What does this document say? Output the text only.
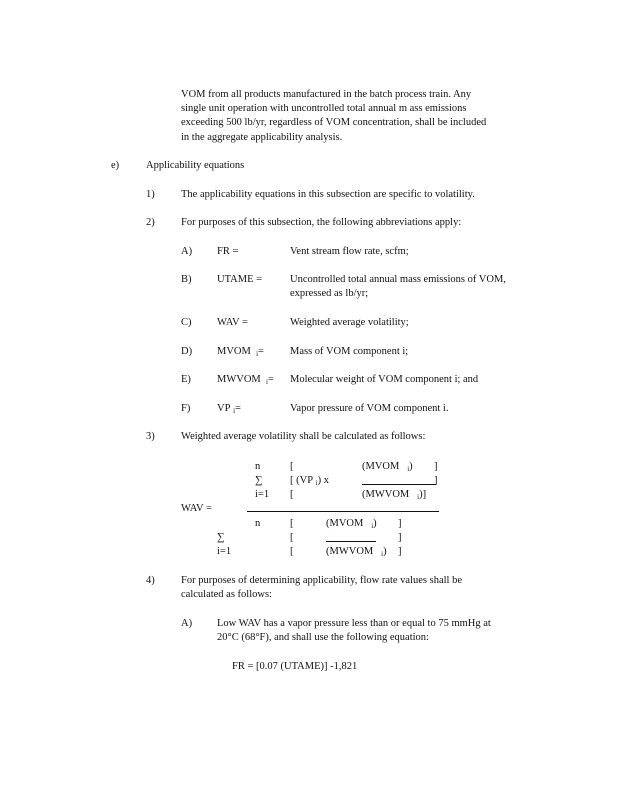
VOM from all products manufactured in the batch process train. Any
single unit operation with uncontrolled total annual m ass emissions
exceeding 500 lb/yr, regardless of VOM concentration, shall be included
in the aggregate applicability analysis.
e)	Applicability equations
1)	The applicability equations in this subsection are specific to volatility.
2)	For purposes of this subsection, the following abbreviations apply:
A) FR =	Vent stream flow rate, scfm;
B) UTAME =	Uncontrolled total annual mass emissions of VOM,
expressed as lb/yr;
C) WAV =	Weighted average volatility;
D) MVOM $_i$= Mass of VOM component i;
E) MWVOM $_i$= Molecular weight of VOM component i; and
F)	VP $_i$=	Vapor pressure of VOM component i.
3)	Weighted average volatility shall be calculated as follows:
n
∑
i=1
[
[ (VP $_i$) x
[
(MVOM $_i$) ]
]
(MWVOM $_i$)]
WAV =
n
∑
i=1
[
[
[
(MVOM $_i$)
(MWVOM $_i$)
]
]
]
4)	For purposes of determining applicability, flow rate values shall be
calculated as follows:
A) Low WAV has a vapor pressure less than or equal to 75 mmHg at
20°C (68°F), and shall use the following equation:
FR = [0.07 (UTAME)] -1,821
